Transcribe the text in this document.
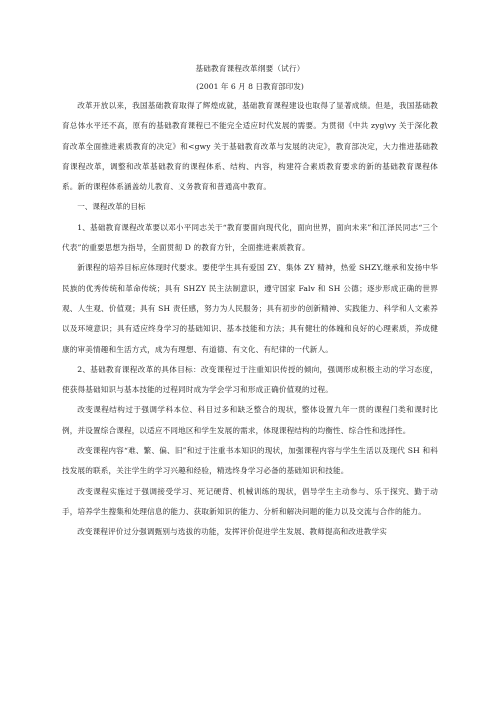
基础教育课程改革纲要（试行）

(2001 年 6 月 8 日教育部印发)

改革开放以来，我国基础教育取得了辉煌成就，基础教育课程建设也取得了显著成绩。但是，我国基础教育总体水平还不高，原有的基础教育课程已不能完全适应时代发展的需要。为贯彻《中共 zyg\vy 关于深化教育改革全面推进素质教育的决定》和<gwy 关于基础教育改革与发展的决定》，教育部决定，大力推进基础教育课程改革，调整和改革基础教育的课程体系、结构、内容，构建符合素质教育要求的新的基础教育课程体系。新的课程体系涵盖幼儿教育、义务教育和普通高中教育。

一、课程改革的目标

1、基础教育课程改革要以邓小平同志关于“教育要面向现代化，面向世界，面向未来”和江泽民同志“三个代表”的重要思想为指导，全面贯彻 D 的教育方针，全面推进素质教育。

新课程的培养目标应体现时代要求。要使学生具有爱国 ZY、集体 ZY 精神，热爱 SHZY,继承和发扬中华民族的优秀传统和革命传统；具有 SHZY 民主法制意识，遵守国家 Falv 和 SH 公德；逐步形成正确的世界观、人生观、价值观；具有 SH 责任感，努力为人民服务；具有初步的创新精神、实践能力、科学和人文素养以及环境意识；具有适应终身学习的基础知识、基本技能和方法；具有健壮的体魄和良好的心理素质，养成健康的审美情趣和生活方式，成为有理想、有道德、有文化、有纪律的一代新人。

2、基础教育课程改革的具体目标：改变课程过于注重知识传授的倾向，强调形成积极主动的学习态度，使获得基础知识与基本技能的过程同时成为学会学习和形成正确价值观的过程。

改变课程结构过于强调学科本位、科目过多和缺乏整合的现状，整体设置九年一贯的课程门类和课时比例，并设置综合课程，以适应不同地区和学生发展的需求，体现课程结构的均衡性、综合性和选择性。

改变课程内容“难、繁、偏、旧”和过于注重书本知识的现状，加强课程内容与学生生活以及现代 SH 和科技发展的联系，关注学生的学习兴趣和经验，精选终身学习必备的基础知识和技能。

改变课程实施过于强调接受学习、死记硬背、机械训练的现状，倡导学生主动参与、乐于探究、勤于动手，培养学生搜集和处理信息的能力、获取新知识的能力、分析和解决问题的能力以及交流与合作的能力。

改变课程评价过分强调甄别与选拔的功能，发挥评价促进学生发展、教师提高和改进教学实
